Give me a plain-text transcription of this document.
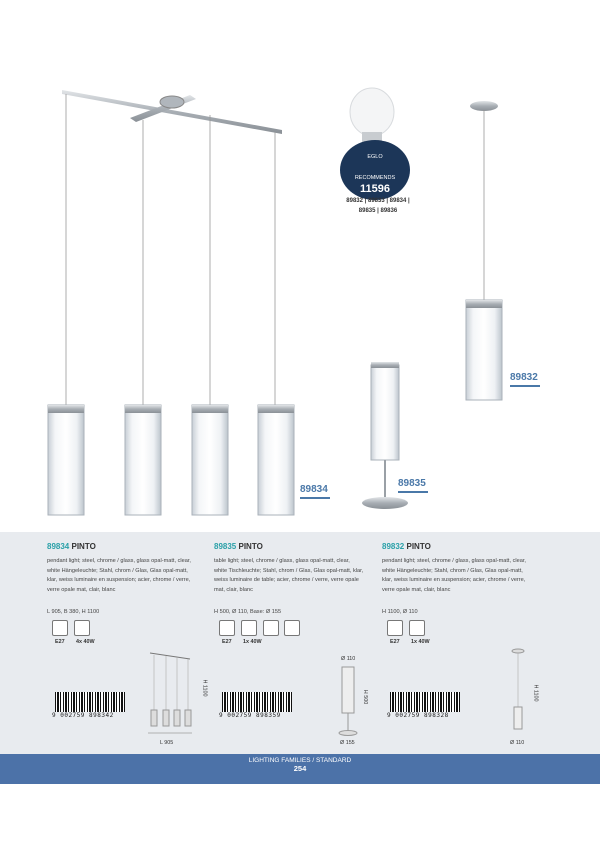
89834
89835
89832
EGLO
RECOMMENDS
11596
89832 | 89833 | 89834 |
89835 | 89836
89834 PINTO
pendant light; steel, chrome / glass, glass opal-matt, clear, white Hängeleuchte; Stahl, chrom / Glas, Glas opal-matt, klar, weiss luminaire en suspension; acier, chrome / verre, verre opale mat, clair, blanc
L 905, B 380, H 1100
E27 4x 40W
9 002759 898342
H 1100
L 905
89835 PINTO
table light; steel, chrome / glass, glass opal-matt, clear, white Tischleuchte; Stahl, chrom / Glas, Glas opal-matt, klar, weiss luminaire de table; acier, chrome / verre, verre opale mat, clair, blanc
H 500, Ø 110, Base: Ø 155
E27 1x 40W
9 002759 898359
Ø 110
H 500
Ø 155
89832 PINTO
pendant light; steel, chrome / glass, glass opal-matt, clear, white Hängeleuchte; Stahl, chrom / Glas, Glas opal-matt, klar, weiss luminaire en suspension; acier, chrome / verre, verre opale mat, clair, blanc
H 1100, Ø 110
E27 1x 40W
9 002759 898328
H 1100
Ø 110
LIGHTING FAMILIES / STANDARD
254
